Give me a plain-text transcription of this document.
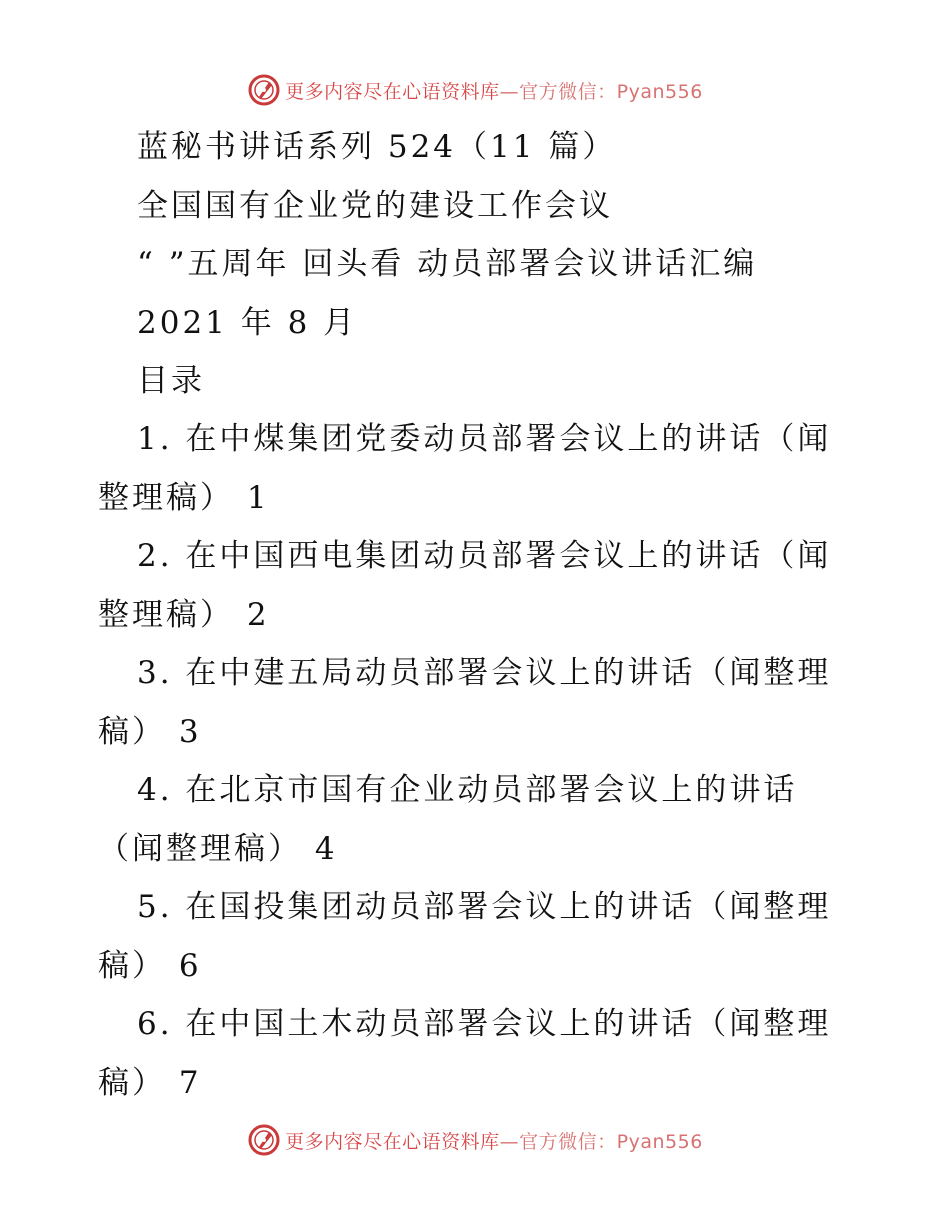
更多内容尽在心语资料库—官方微信：Pyan556
蓝秘书讲话系列 524（11 篇）
全国国有企业党的建设工作会议
“ ”五周年 回头看 动员部署会议讲话汇编
2021 年 8 月
目录
1. 在中煤集团党委动员部署会议上的讲话（闻
整理稿） 1
2. 在中国西电集团动员部署会议上的讲话（闻
整理稿） 2
3. 在中建五局动员部署会议上的讲话（闻整理
稿） 3
4. 在北京市国有企业动员部署会议上的讲话
（闻整理稿） 4
5. 在国投集团动员部署会议上的讲话（闻整理
稿） 6
6. 在中国土木动员部署会议上的讲话（闻整理
稿） 7
更多内容尽在心语资料库—官方微信：Pyan556
